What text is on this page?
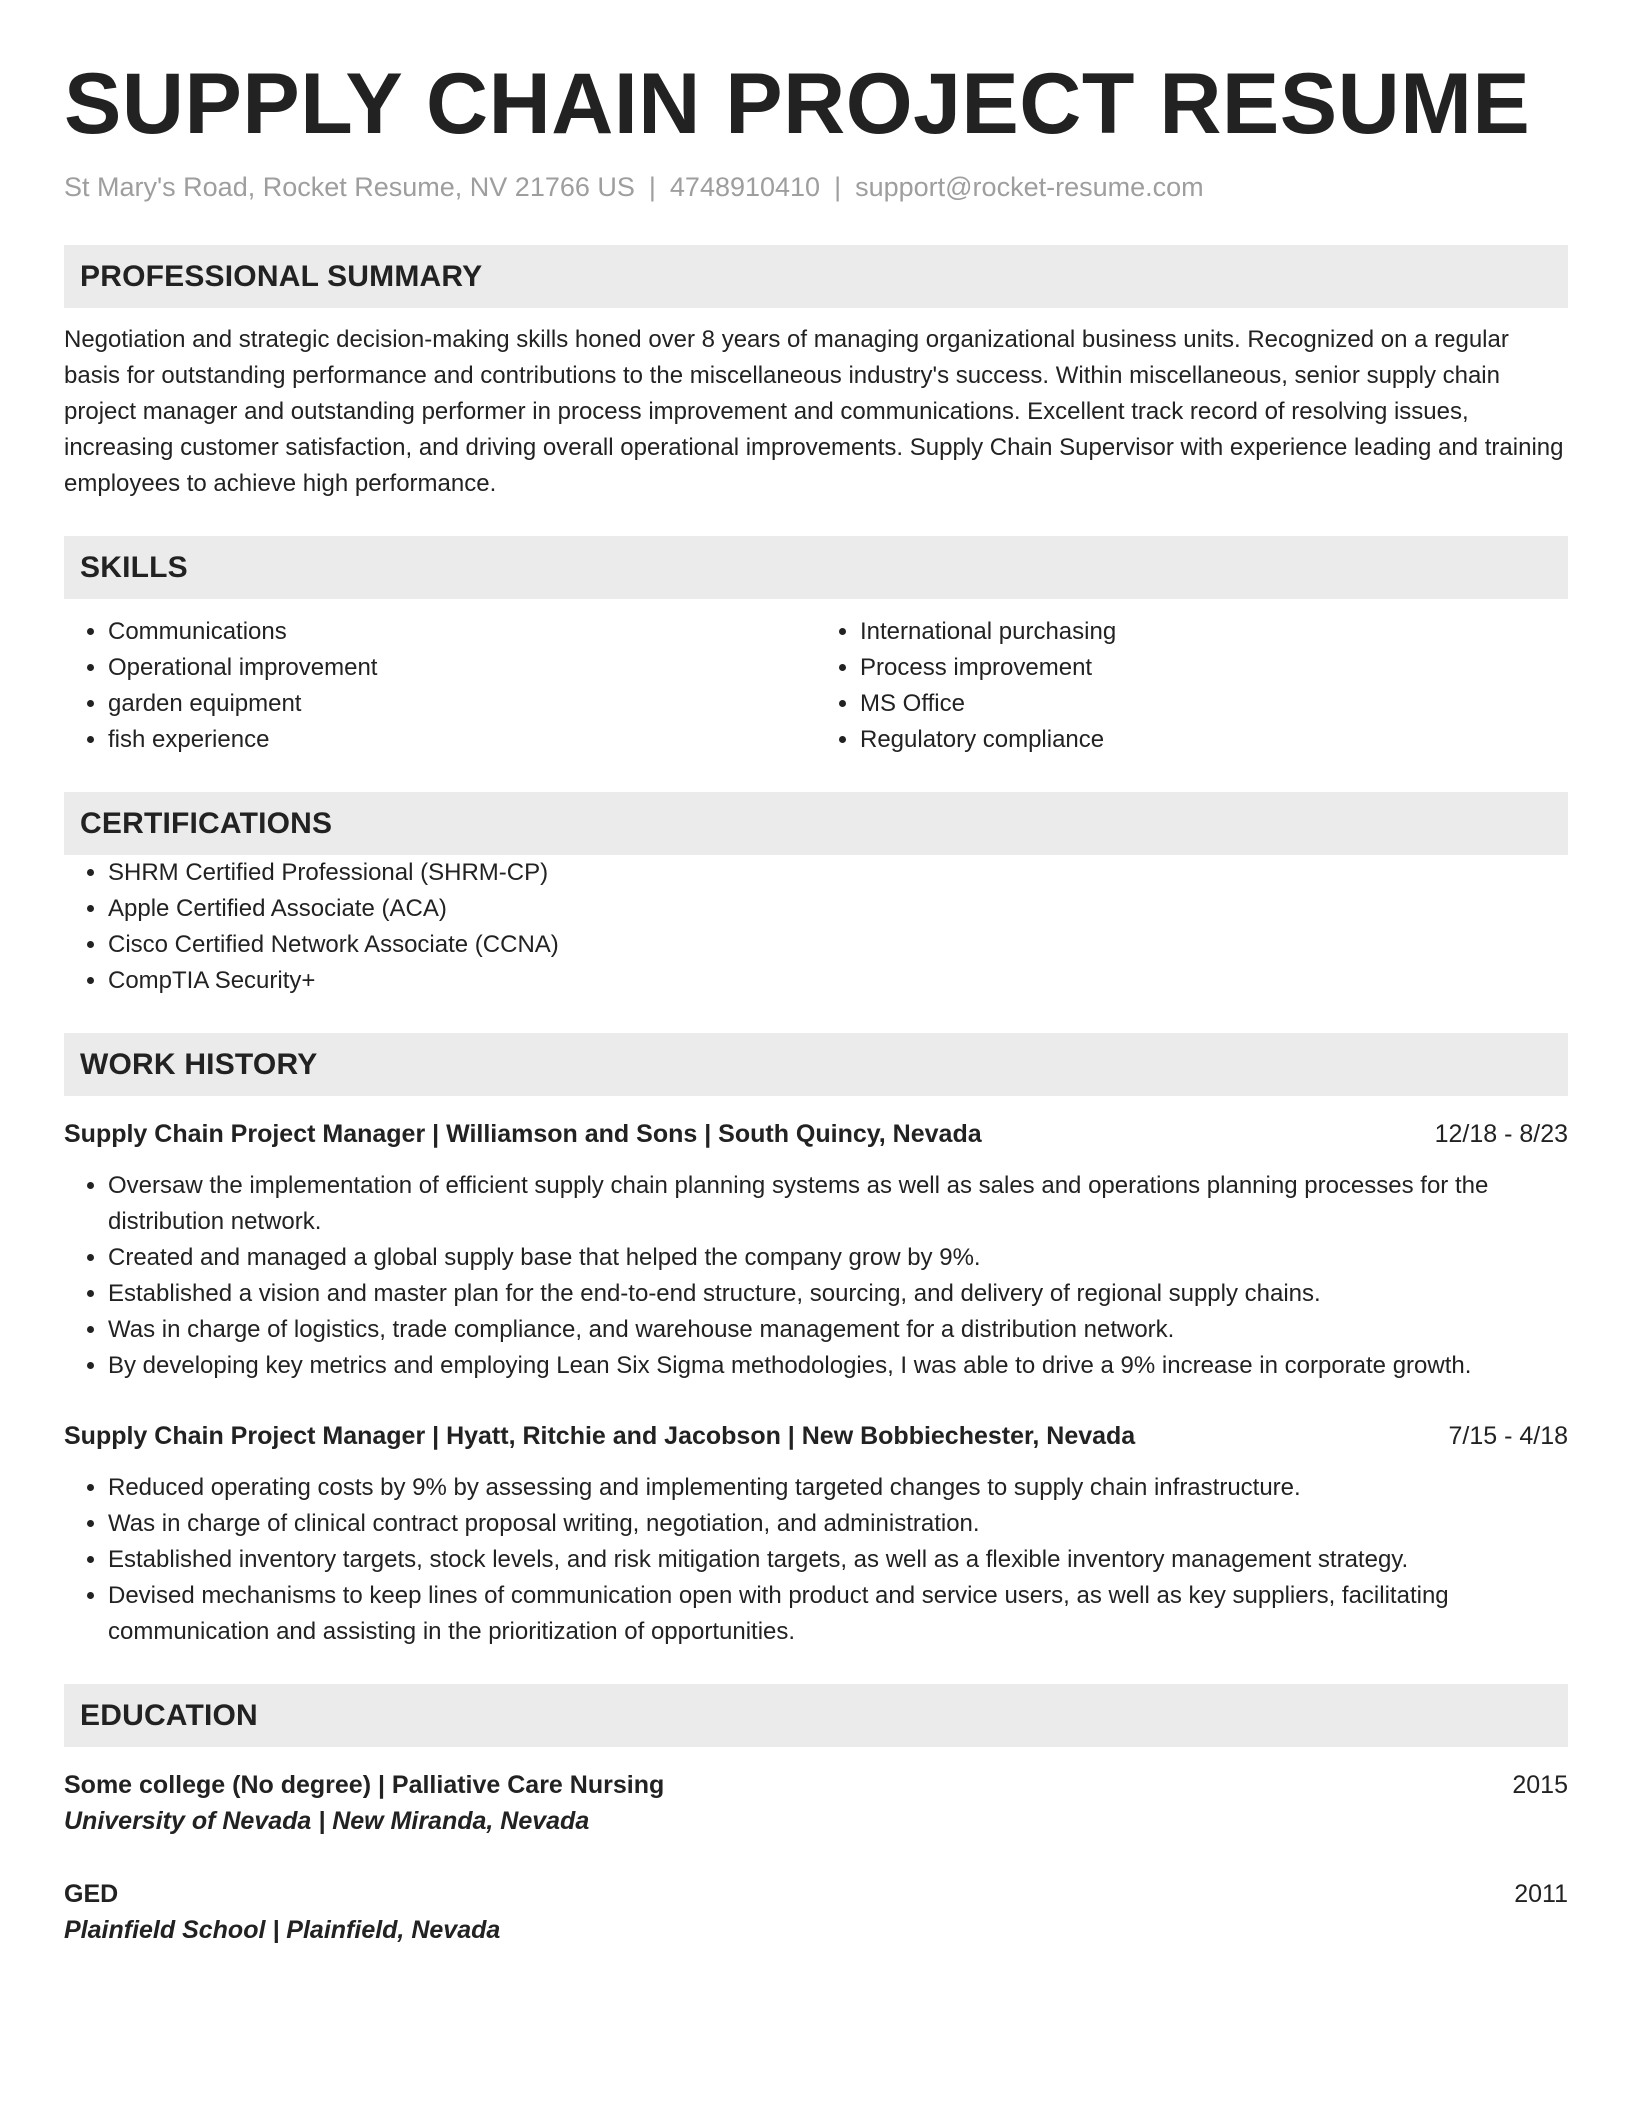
SUPPLY CHAIN PROJECT RESUME
St Mary's Road, Rocket Resume, NV 21766 US | 4748910410 | support@rocket-resume.com
PROFESSIONAL SUMMARY

Negotiation and strategic decision-making skills honed over 8 years of managing organizational business units. Recognized on a regular basis for outstanding performance and contributions to the miscellaneous industry's success. Within miscellaneous, senior supply chain project manager and outstanding performer in process improvement and communications. Excellent track record of resolving issues, increasing customer satisfaction, and driving overall operational improvements. Supply Chain Supervisor with experience leading and training employees to achieve high performance.

SKILLS
• Communications
• Operational improvement
• garden equipment
• fish experience
• International purchasing
• Process improvement
• MS Office
• Regulatory compliance
CERTIFICATIONS
• SHRM Certified Professional (SHRM-CP)
• Apple Certified Associate (ACA)
• Cisco Certified Network Associate (CCNA)
• CompTIA Security+
WORK HISTORY
Supply Chain Project Manager | Williamson and Sons | South Quincy, Nevada	12/18 - 8/23
• Oversaw the implementation of efficient supply chain planning systems as well as sales and operations planning processes for the distribution network.
• Created and managed a global supply base that helped the company grow by 9%.
• Established a vision and master plan for the end-to-end structure, sourcing, and delivery of regional supply chains.
• Was in charge of logistics, trade compliance, and warehouse management for a distribution network.
• By developing key metrics and employing Lean Six Sigma methodologies, I was able to drive a 9% increase in corporate growth.
Supply Chain Project Manager | Hyatt, Ritchie and Jacobson | New Bobbiechester, Nevada	7/15 - 4/18
• Reduced operating costs by 9% by assessing and implementing targeted changes to supply chain infrastructure.
• Was in charge of clinical contract proposal writing, negotiation, and administration.
• Established inventory targets, stock levels, and risk mitigation targets, as well as a flexible inventory management strategy.
• Devised mechanisms to keep lines of communication open with product and service users, as well as key suppliers, facilitating communication and assisting in the prioritization of opportunities.
EDUCATION
Some college (No degree) | Palliative Care Nursing	2015
University of Nevada | New Miranda, Nevada
GED	2011
Plainfield School | Plainfield, Nevada
